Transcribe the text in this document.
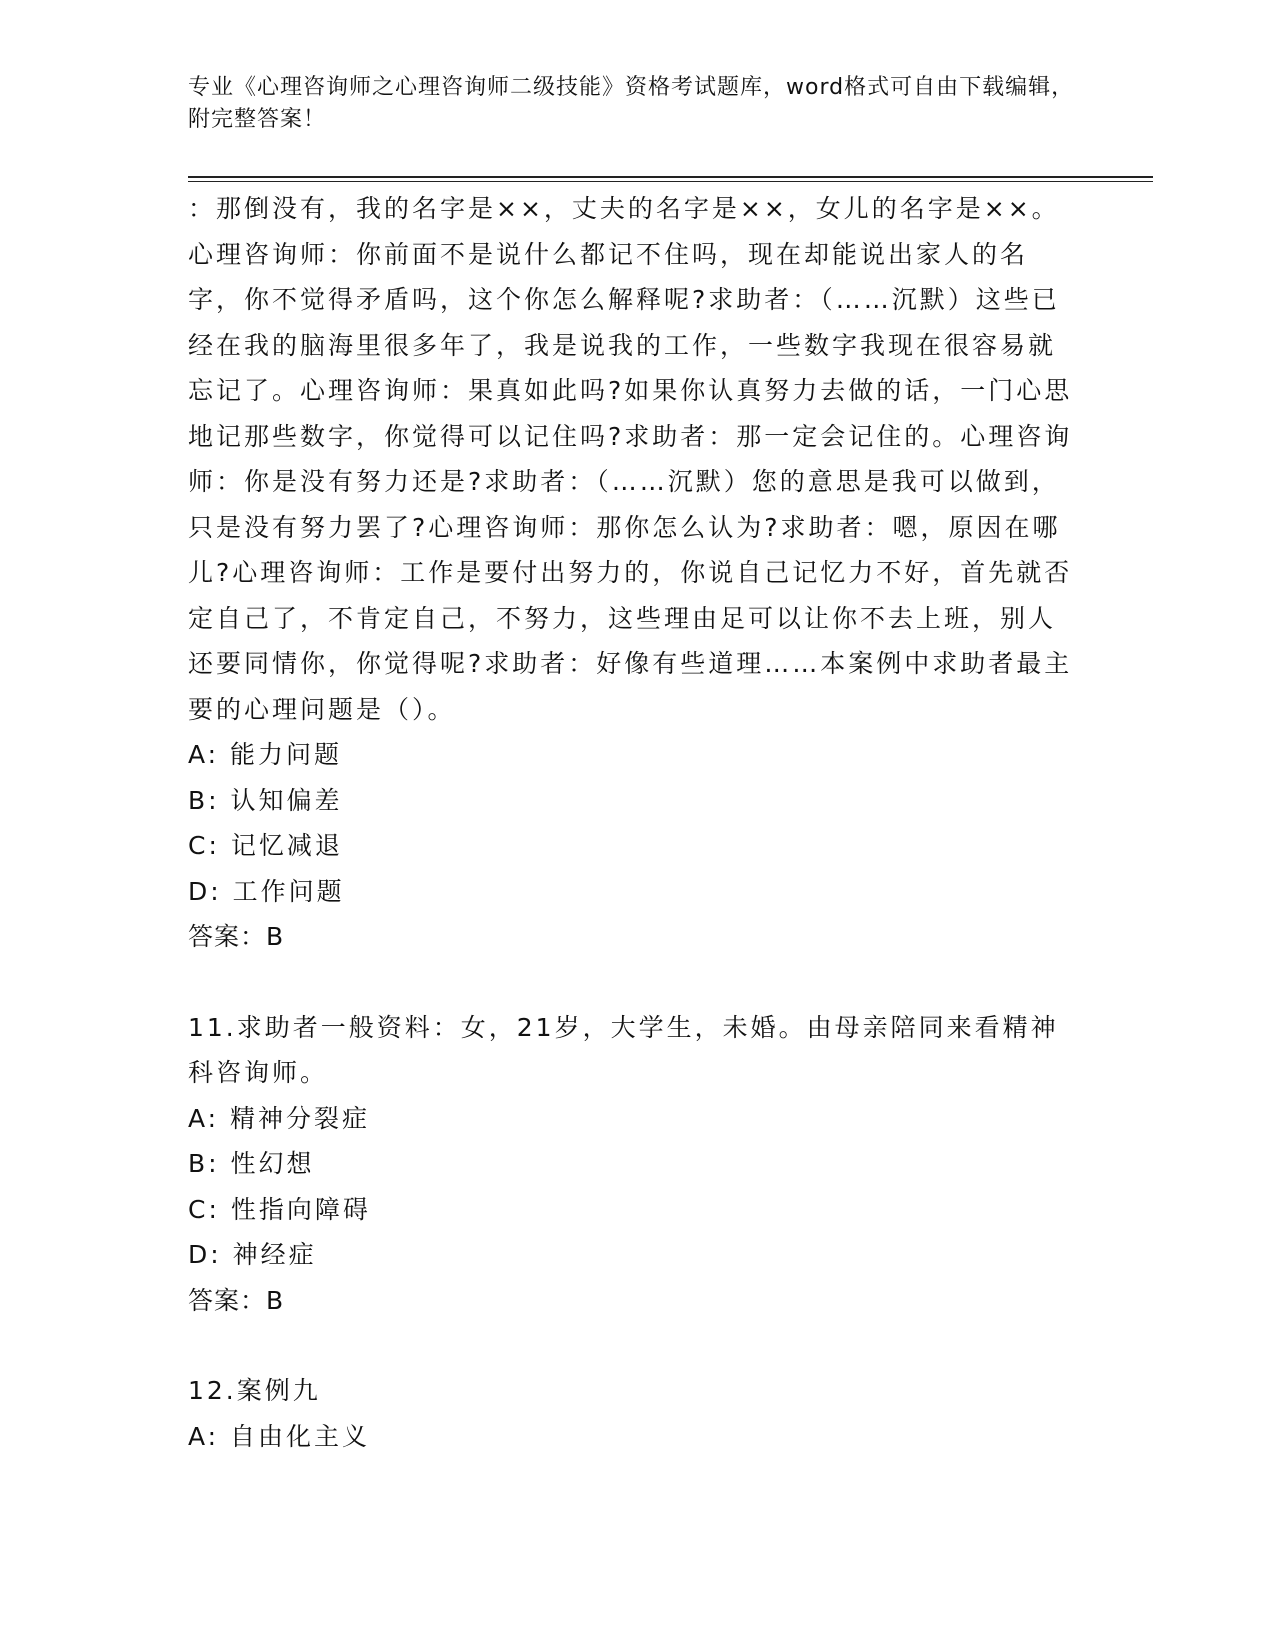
专业《心理咨询师之心理咨询师二级技能》资格考试题库，word格式可自由下载编辑，附完整答案！

：那倒没有，我的名字是××，丈夫的名字是××，女儿的名字是××。心理咨询师：你前面不是说什么都记不住吗，现在却能说出家人的名字，你不觉得矛盾吗，这个你怎么解释呢?求助者：（……沉默）这些已经在我的脑海里很多年了，我是说我的工作，一些数字我现在很容易就忘记了。心理咨询师：果真如此吗?如果你认真努力去做的话，一门心思地记那些数字，你觉得可以记住吗?求助者：那一定会记住的。心理咨询师：你是没有努力还是?求助者：（……沉默）您的意思是我可以做到，只是没有努力罢了?心理咨询师：那你怎么认为?求助者：嗯，原因在哪儿?心理咨询师：工作是要付出努力的，你说自己记忆力不好，首先就否定自己了，不肯定自己，不努力，这些理由足可以让你不去上班，别人还要同情你，你觉得呢?求助者：好像有些道理……本案例中求助者最主要的心理问题是（）。

A: 能力问题

B: 认知偏差

C: 记忆减退

D: 工作问题

答案：B

11.求助者一般资料：女，21岁，大学生，未婚。由母亲陪同来看精神科咨询师。

A: 精神分裂症

B: 性幻想

C: 性指向障碍

D: 神经症

答案：B

12.案例九

A: 自由化主义
